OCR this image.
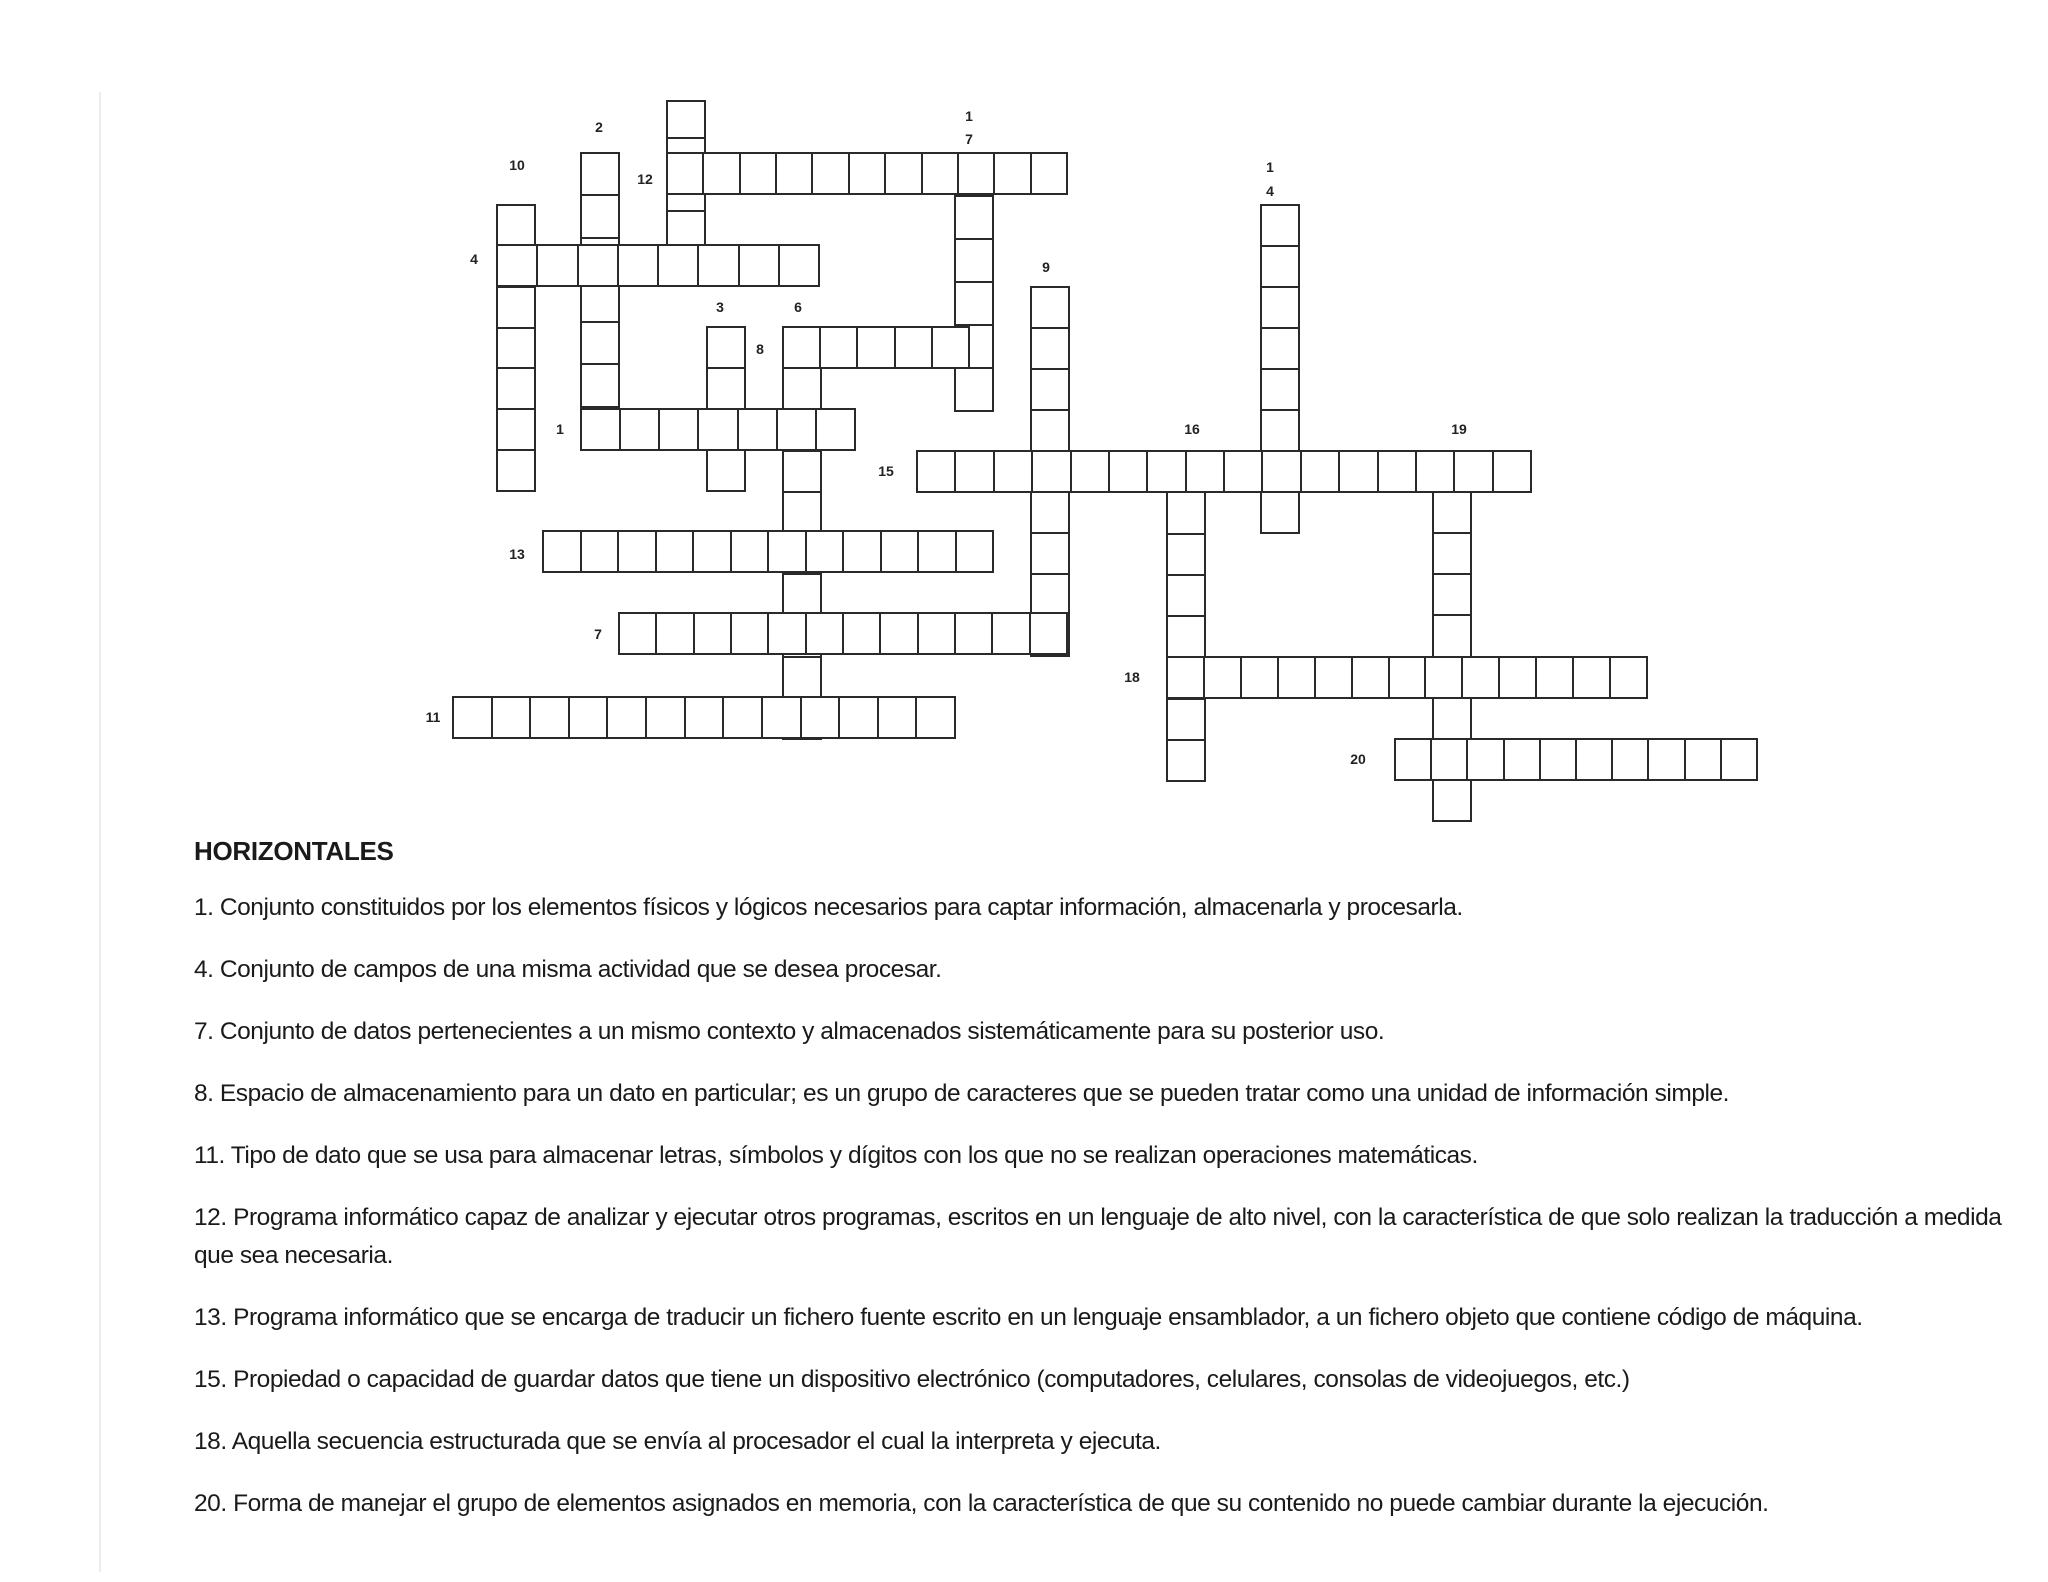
10
2
12
1
7
1
4
4	9
3	6
8
1	16	19
15
13
7
18
11
20
HORIZONTALES

1. Conjunto constituidos por los elementos físicos y lógicos necesarios para captar información, almacenarla y procesarla.

4. Conjunto de campos de una misma actividad que se desea procesar.

7. Conjunto de datos pertenecientes a un mismo contexto y almacenados sistemáticamente para su posterior uso.

8. Espacio de almacenamiento para un dato en particular; es un grupo de caracteres que se pueden tratar como una unidad de información simple.

11. Tipo de dato que se usa para almacenar letras, símbolos y dígitos con los que no se realizan operaciones matemáticas.

12. Programa informático capaz de analizar y ejecutar otros programas, escritos en un lenguaje de alto nivel, con la característica de que solo realizan la traducción a medida que sea necesaria.

13. Programa informático que se encarga de traducir un fichero fuente escrito en un lenguaje ensamblador, a un fichero objeto que contiene código de máquina.

15. Propiedad o capacidad de guardar datos que tiene un dispositivo electrónico (computadores, celulares, consolas de videojuegos, etc.)

18. Aquella secuencia estructurada que se envía al procesador el cual la interpreta y ejecuta.

20. Forma de manejar el grupo de elementos asignados en memoria, con la característica de que su contenido no puede cambiar durante la ejecución.
